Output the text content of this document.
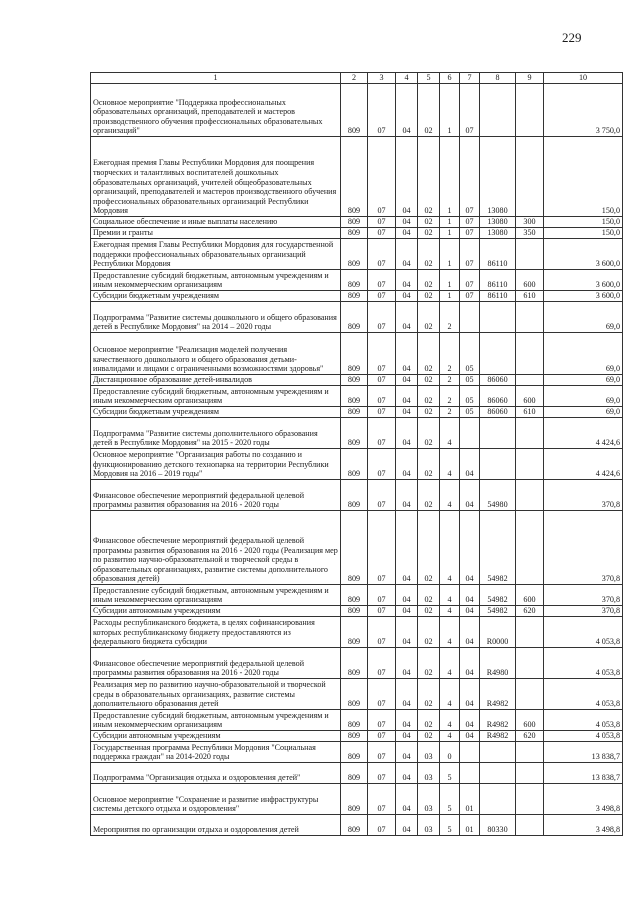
229
1	2	3	4	5	6	7	8	9	10
Основное мероприятие "Поддержка профессиональных образовательных организаций, преподавателей и мастеров производственного обучения профессиональных образовательных организаций"	809	07	04	02	1	07			3 750,0
Ежегодная премия Главы Республики Мордовия для поощрения творческих и талантливых воспитателей дошкольных образовательных организаций, учителей общеобразовательных организаций, преподавателей и мастеров производственного обучения профессиональных образовательных организаций Республики Мордовия	809	07	04	02	1	07	13080		150,0
Социальное обеспечение и иные выплаты населению	809	07	04	02	1	07	13080	300	150,0
Премии и гранты	809	07	04	02	1	07	13080	350	150,0
Ежегодная премия Главы Республики Мордовия для государственной поддержки профессиональных образовательных организаций Республики Мордовия	809	07	04	02	1	07	86110		3 600,0
Предоставление субсидий бюджетным, автономным учреждениям и иным некоммерческим организациям	809	07	04	02	1	07	86110	600	3 600,0
Субсидии бюджетным учреждениям	809	07	04	02	1	07	86110	610	3 600,0
Подпрограмма "Развитие системы дошкольного и общего образования детей в Республике Мордовия" на 2014 – 2020 годы	809	07	04	02	2				69,0
Основное мероприятие "Реализация моделей получения качественного дошкольного и общего образования детьми-инвалидами и лицами с ограниченными возможностями здоровья"	809	07	04	02	2	05			69,0
Дистанционное образование детей-инвалидов	809	07	04	02	2	05	86060		69,0
Предоставление субсидий бюджетным, автономным учреждениям и иным некоммерческим организациям	809	07	04	02	2	05	86060	600	69,0
Субсидии бюджетным учреждениям	809	07	04	02	2	05	86060	610	69,0
Подпрограмма "Развитие системы дополнительного образования детей в Республике Мордовия" на 2015 - 2020 годы	809	07	04	02	4				4 424,6
Основное мероприятие "Организация работы по созданию и функционированию детского технопарка на территории Республики Мордовия на 2016 – 2019 годы"	809	07	04	02	4	04			4 424,6
Финансовое обеспечение мероприятий федеральной целевой программы развития образования на 2016 - 2020 годы	809	07	04	02	4	04	54980		370,8
Финансовое обеспечение мероприятий федеральной целевой программы развития образования на 2016 - 2020 годы (Реализация мер по развитию научно-образовательной и творческой среды в образовательных организациях, развитие системы дополнительного образования детей)	809	07	04	02	4	04	54982		370,8
Предоставление субсидий бюджетным, автономным учреждениям и иным некоммерческим организациям	809	07	04	02	4	04	54982	600	370,8
Субсидии автономным учреждениям	809	07	04	02	4	04	54982	620	370,8
Расходы республиканского бюджета, в целях софинансирования которых республиканскому бюджету предоставляются из федерального бюджета субсидии	809	07	04	02	4	04	R0000		4 053,8
Финансовое обеспечение мероприятий федеральной целевой программы развития образования на 2016 - 2020 годы	809	07	04	02	4	04	R4980		4 053,8
Реализация мер по развитию научно-образовательной и творческой среды в образовательных организациях, развитие системы дополнительного образования детей	809	07	04	02	4	04	R4982		4 053,8
Предоставление субсидий бюджетным, автономным учреждениям и иным некоммерческим организациям	809	07	04	02	4	04	R4982	600	4 053,8
Субсидии автономным учреждениям	809	07	04	02	4	04	R4982	620	4 053,8
Государственная программа Республики Мордовия "Социальная поддержка граждан" на 2014-2020 годы	809	07	04	03	0				13 838,7
Подпрограмма "Организация отдыха и оздоровления детей"	809	07	04	03	5				13 838,7
Основное мероприятие "Сохранение и развитие инфраструктуры системы детского отдыха и оздоровления"	809	07	04	03	5	01			3 498,8
Мероприятия по организации отдыха и оздоровления детей	809	07	04	03	5	01	80330		3 498,8
